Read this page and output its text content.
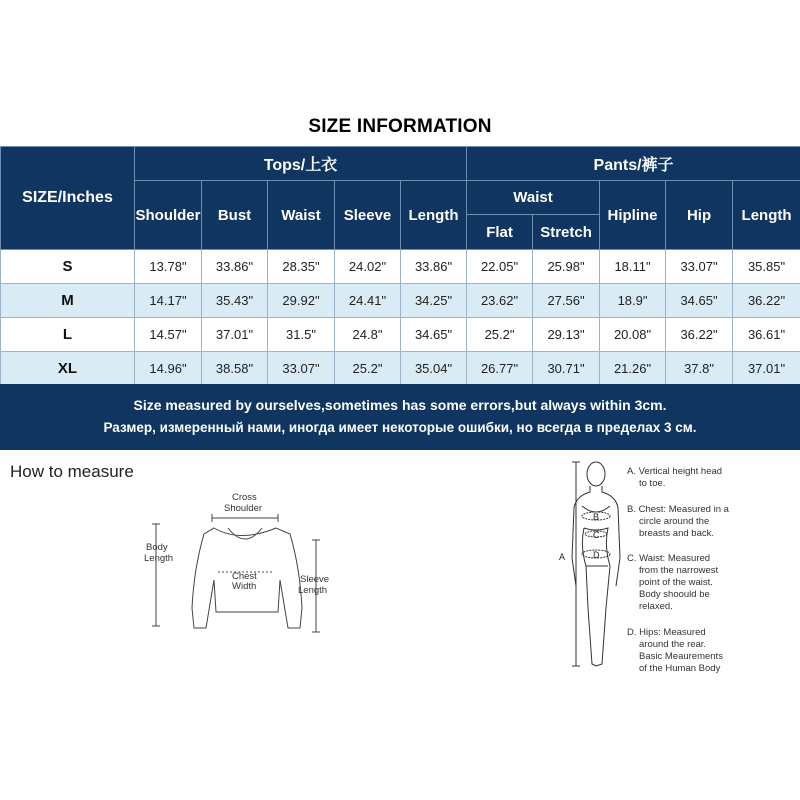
SIZE INFORMATION
SIZE/Inches	Tops/上衣					Pants/裤子				
	Shoulder	Bust	Waist	Sleeve	Length	Waist		Hipline	Hip	Length
						Flat	Stretch			
S	13.78"	33.86"	28.35"	24.02"	33.86"	22.05"	25.98"	18.11"	33.07"	35.85"
M	14.17"	35.43"	29.92"	24.41"	34.25"	23.62"	27.56"	18.9"	34.65"	36.22"
L	14.57"	37.01"	31.5"	24.8"	34.65"	25.2"	29.13"	20.08"	36.22"	36.61"
XL	14.96"	38.58"	33.07"	25.2"	35.04"	26.77"	30.71"	21.26"	37.8"	37.01"
Size measured by ourselves,sometimes has some errors,but always within 3cm.
Размер, измеренный нами, иногда имеет некоторые ошибки, но всегда в пределах 3 см.
How to measure
Cross
Shoulder
Body
Length
Chest
Width
Sleeve
Length
A
B
C
D
A. Vertical height head
to toe.
B. Chest: Measured in a
circle around the
breasts and back.
C. Waist: Measured
from the narrowest
point of the waist.
Body shoould be
relaxed.
D. Hips: Measured
around the rear.
Basic Meaurements
of the Human Body
